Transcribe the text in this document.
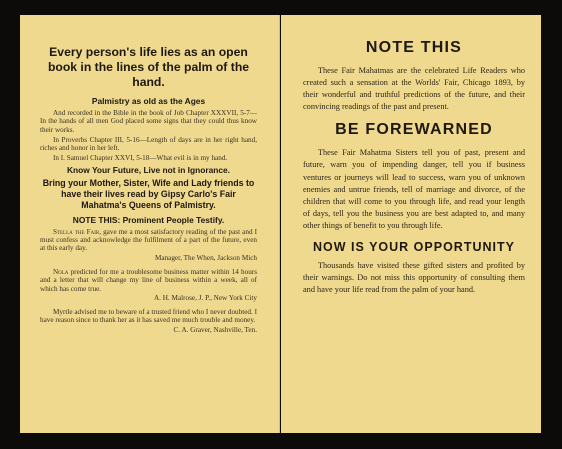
Every person's life lies as an open book in the lines of the palm of the hand.

Palmistry as old as the Ages

And recorded in the Bible in the book of Job Chapter XXXVII, 5-7—In the hands of all men God placed some signs that they could thus know their works.

In Proverbs Chapter III, 5-16—Length of days are in her right hand, riches and honor in her left.

In I. Samuel Chapter XXVI, 5-18—What evil is in my hand.

Know Your Future, Live not in Ignorance.

Bring your Mother, Sister, Wife and Lady friends to have their lives read by Gipsy Carlo's Fair Mahatma's Queens of Palmistry.

NOTE THIS: Prominent People Testify.

Stella the Fair, gave me a most satisfactory reading of the past and I must confess and acknowledge the fulfilment of a part of the future, even at this early day.

Manager, The When, Jackson Mich

Nola predicted for me a troublesome business matter within 14 hours and a letter that will change my line of business within a week, all of which has come true.

A. H. Malrose, J. P., New York City

Myrtle advised me to beware of a trusted friend who I never doubted. I have reason since to thank her as it has saved me much trouble and money.

C. A. Graver, Nashville, Ten.

NOTE THIS

These Fair Mahatmas are the celebrated Life Readers who created such a sensation at the Worlds' Fair, Chicago 1893, by their wonderful and truthful predictions of the future, and their convincing readings of the past and present.

BE FOREWARNED

These Fair Mahatma Sisters tell you of past, present and future, warn you of impending danger, tell you if business ventures or journeys will lead to success, warn you of unknown enemies and untrue friends, tell of marriage and divorce, of the children that will come to you through life, and read your length of days, tell you the business you are best adapted to, and many other things of benefit to you through life.

NOW IS YOUR OPPORTUNITY

Thousands have visited these gifted sisters and profited by their warnings. Do not miss this opportunity of consulting them and have your life read from the palm of your hand.
